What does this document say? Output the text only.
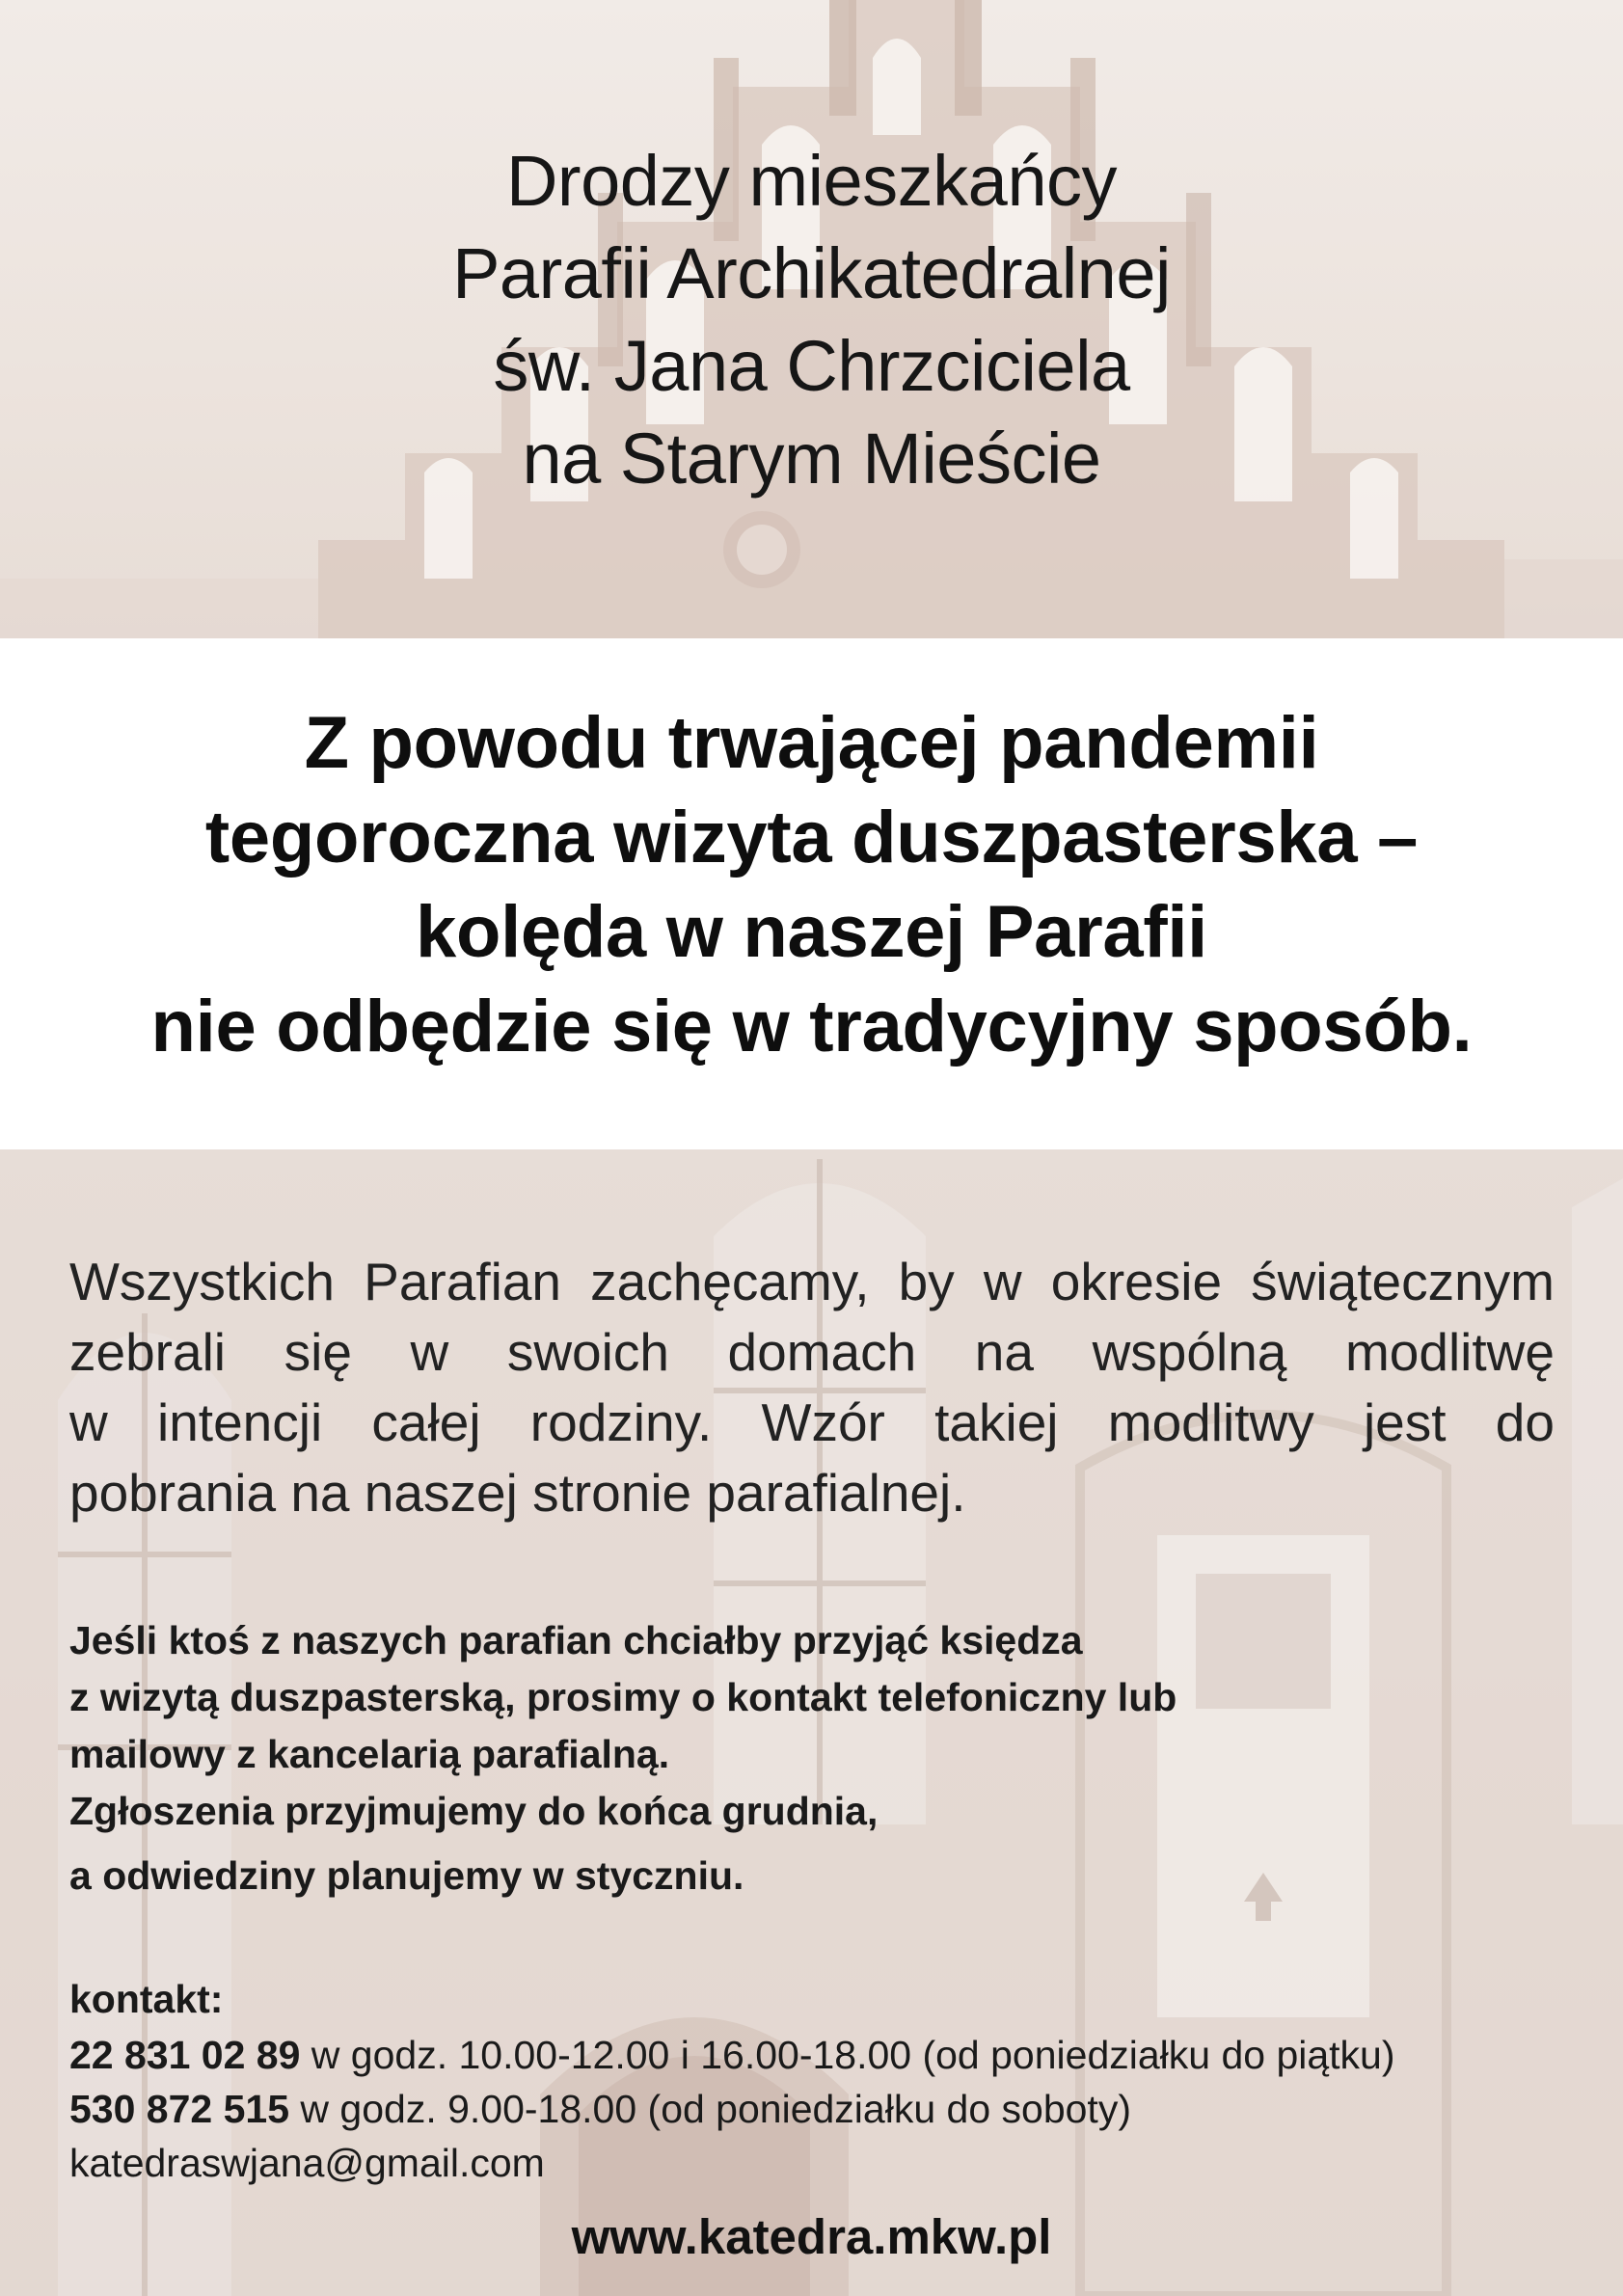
Drodzy mieszkańcy
Parafii Archikatedralnej
św. Jana Chrzciciela
na Starym Mieście
Z powodu trwającej pandemii
tegoroczna wizyta duszpasterska –
kolęda w naszej Parafii
nie odbędzie się w tradycyjny sposób.
Wszystkich Parafian zachęcamy, by w okresie świątecznym
zebrali się w swoich domach na wspólną modlitwę
w intencji całej rodziny. Wzór takiej modlitwy jest do
pobrania na naszej stronie parafialnej.
Jeśli ktoś z naszych parafian chciałby przyjąć księdza
z wizytą duszpasterską, prosimy o kontakt telefoniczny lub
mailowy z kancelarią parafialną.
Zgłoszenia przyjmujemy do końca grudnia,
a odwiedziny planujemy w styczniu.
kontakt:
22 831 02 89 w godz. 10.00-12.00 i 16.00-18.00 (od poniedziałku do piątku)
530 872 515 w godz. 9.00-18.00 (od poniedziałku do soboty)
katedraswjana@gmail.com
www.katedra.mkw.pl
